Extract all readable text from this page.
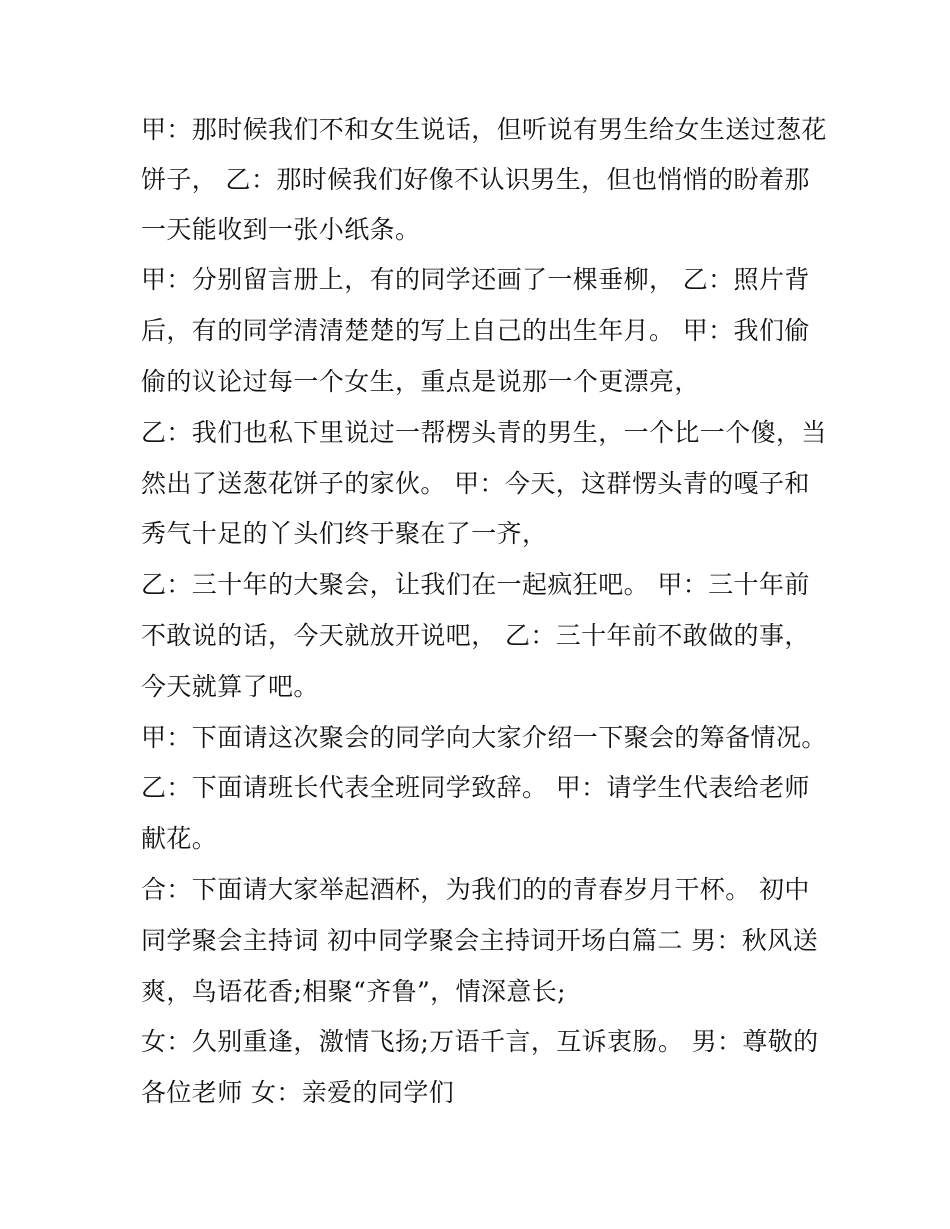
甲：那时候我们不和女生说话，但听说有男生给女生送过葱花

饼子， 乙：那时候我们好像不认识男生，但也悄悄的盼着那

一天能收到一张小纸条。

甲：分别留言册上，有的同学还画了一棵垂柳， 乙：照片背

后，有的同学清清楚楚的写上自己的出生年月。 甲：我们偷

偷的议论过每一个女生，重点是说那一个更漂亮，

乙：我们也私下里说过一帮楞头青的男生，一个比一个傻，当

然出了送葱花饼子的家伙。 甲：今天，这群愣头青的嘎子和

秀气十足的丫头们终于聚在了一齐，

乙：三十年的大聚会，让我们在一起疯狂吧。 甲：三十年前

不敢说的话，今天就放开说吧， 乙：三十年前不敢做的事，

今天就算了吧。

甲：下面请这次聚会的同学向大家介绍一下聚会的筹备情况。

乙：下面请班长代表全班同学致辞。 甲：请学生代表给老师

献花。

合：下面请大家举起酒杯，为我们的的青春岁月干杯。 初中

同学聚会主持词 初中同学聚会主持词开场白篇二 男：秋风送

爽，鸟语花香;相聚“齐鲁”，情深意长;

女：久别重逢，激情飞扬;万语千言，互诉衷肠。 男：尊敬的

各位老师 女：亲爱的同学们
